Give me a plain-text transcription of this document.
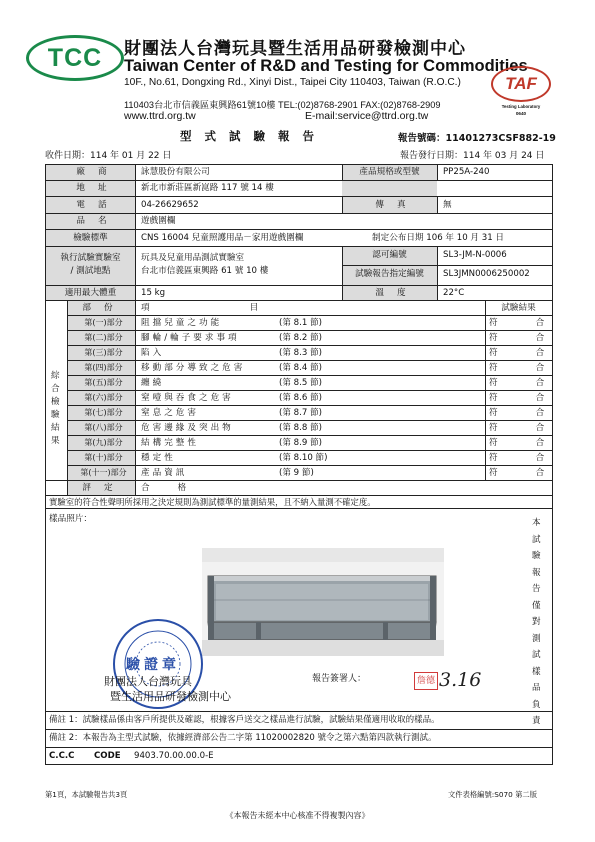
TCC	財團法人台灣玩具暨生活用品研發檢測中心
Taiwan Center of R&D and Testing for Commodities
10F., No.61, Dongxing Rd., Xinyi Dist., Taipei City 110403, Taiwan (R.O.C.)
110403台北市信義區東興路61號10樓 TEL:(02)8768-2901 FAX:(02)8768-2909
www.ttrd.org.tw	E-mail:service@ttrd.org.tw
TAF
Testing Laboratory
0640
型式試驗報告	報告號碼：11401273CSF882-19
收件日期：114 年 01 月 22 日	報告發行日期：114 年 03 月 24 日
廠商	詠慧股份有限公司	產品規格或型號	PP25A-240
地址	新北市新莊區新崑路 117 號 14 樓
電話	04-26629652	傳真	無
品名	遊戲圍欄
檢驗標準	CNS 16004 兒童照護用品－家用遊戲圍欄	制定公布日期 106 年 10 月 31 日
執行試驗實驗室
/ 測試地點
玩具及兒童用品測試實驗室
台北市信義區東興路 61 號 10 樓
認可編號	SL3-JM-N-0006
試驗報告指定編號	SL3JMN0006250002
適用最大體重	15 kg	溫度	22°C
綜合檢驗結果
部份	項目	試驗結果
第(一)部分	阻擋兒童之功能	(第 8.1 節)	符合
第(二)部分	腳輪/輪子要求事項	(第 8.2 節)	符合
第(三)部分	陷入	(第 8.3 節)	符合
第(四)部分	移動部分導致之危害	(第 8.4 節)	符合
第(五)部分	纏繞	(第 8.5 節)	符合
第(六)部分	窒噎與吞食之危害	(第 8.6 節)	符合
第(七)部分	窒息之危害	(第 8.7 節)	符合
第(八)部分	危害邊緣及突出物	(第 8.8 節)	符合
第(九)部分	結構完整性	(第 8.9 節)	符合
第(十)部分	穩定性	(第 8.10 節)	符合
第(十一)部分	產品資訊	(第 9 節)	符合
評定	合格
實驗室的符合性聲明所採用之決定規則為測試標準的量測結果，且不納入量測不確定度。
樣品照片：	本試驗報告僅對測試樣品負責
驗證章
財團法人台灣玩具
暨生活用品研發檢測中心
報告簽署人：	詹德 3.16
備註 1：試驗樣品係由客戶所提供及確認，根據客戶送交之樣品進行試驗，試驗結果僅適用收取的樣品。
備註 2：本報告為主型式試驗，依據經濟部公告二字第 11020002820 號令之第六點第四款執行測試。
C.C.C CODE 9403.70.00.00.0-E
第1頁，本試驗報告共3頁	文件表格編號:S070 第二版
《本報告未經本中心核准不得複製內容》
